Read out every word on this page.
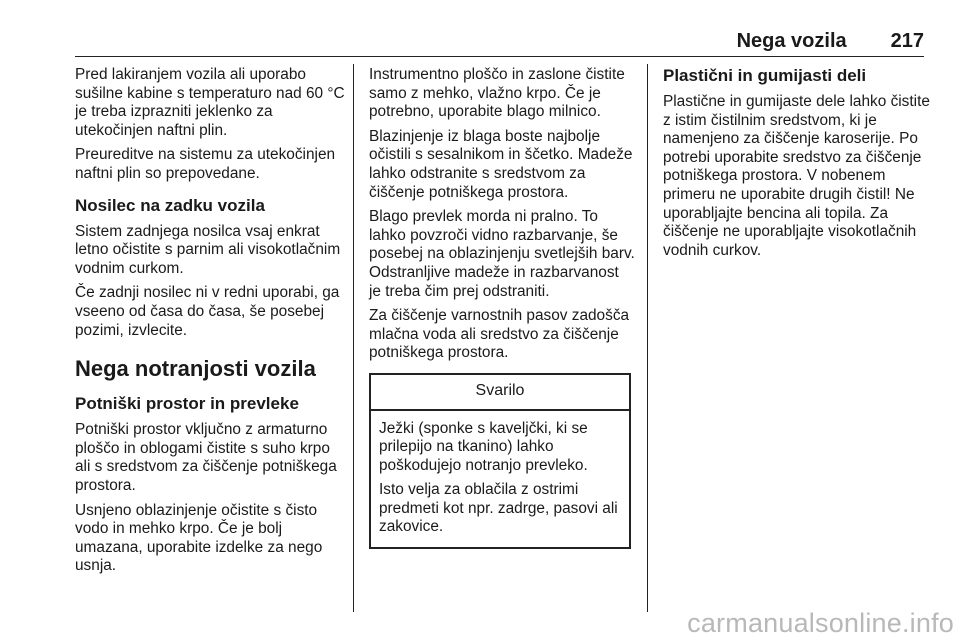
Nega vozila 217

Pred lakiranjem vozila ali uporabo sušilne kabine s temperaturo nad 60 °C je treba izprazniti jeklenko za utekočinjen naftni plin.

Preureditve na sistemu za utekočinjen naftni plin so prepovedane.

Nosilec na zadku vozila

Sistem zadnjega nosilca vsaj enkrat letno očistite s parnim ali visokotlačnim vodnim curkom.

Če zadnji nosilec ni v redni uporabi, ga vseeno od časa do časa, še posebej pozimi, izvlecite.

Nega notranjosti vozila
Potniški prostor in prevleke

Potniški prostor vključno z armaturno ploščo in oblogami čistite s suho krpo ali s sredstvom za čiščenje potniškega prostora.

Usnjeno oblazinjenje očistite s čisto vodo in mehko krpo. Če je bolj umazana, uporabite izdelke za nego usnja.

Instrumentno ploščo in zaslone čistite samo z mehko, vlažno krpo. Če je potrebno, uporabite blago milnico.

Blazinjenje iz blaga boste najbolje očistili s sesalnikom in ščetko. Madeže lahko odstranite s sredstvom za čiščenje potniškega prostora.

Blago prevlek morda ni pralno. To lahko povzroči vidno razbarvanje, še posebej na oblazinjenju svetlejših barv. Odstranljive madeže in razbarvanost je treba čim prej odstraniti.

Za čiščenje varnostnih pasov zadošča mlačna voda ali sredstvo za čiščenje potniškega prostora.

Svarilo

Ježki (sponke s kaveljčki, ki se prilepijo na tkanino) lahko poškodujejo notranjo prevleko.

Isto velja za oblačila z ostrimi predmeti kot npr. zadrge, pasovi ali zakovice.

Plastični in gumijasti deli

Plastične in gumijaste dele lahko čistite z istim čistilnim sredstvom, ki je namenjeno za čiščenje karoserije. Po potrebi uporabite sredstvo za čiščenje potniškega prostora. V nobenem primeru ne uporabite drugih čistil! Ne uporabljajte bencina ali topila. Za čiščenje ne uporabljajte visokotlačnih vodnih curkov.

carmanualsonline.info
